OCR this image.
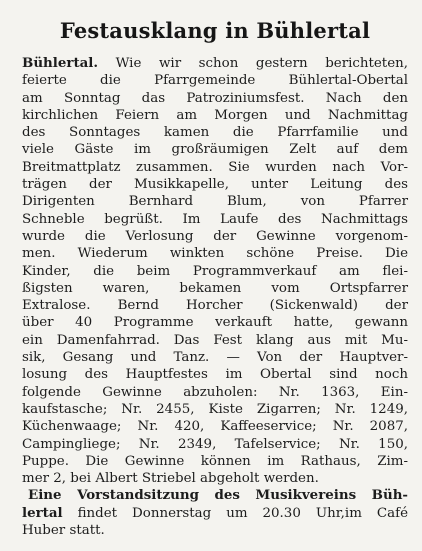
Festausklang in Bühlertal
Bühlertal. Wie wir schon gestern berichteten,
feierte die Pfarrgemeinde Bühlertal-Obertal
am Sonntag das Patroziniumsfest. Nach den
kirchlichen Feiern am Morgen und Nachmittag
des Sonntages kamen die Pfarrfamilie und
viele Gäste im großräumigen Zelt auf dem
Breitmattplatz zusammen. Sie wurden nach Vor-
trägen der Musikkapelle, unter Leitung des
Dirigenten Bernhard Blum, von Pfarrer
Schneble begrüßt. Im Laufe des Nachmittags
wurde die Verlosung der Gewinne vorgenom-
men. Wiederum winkten schöne Preise. Die
Kinder, die beim Programmverkauf am flei-
ßigsten waren, bekamen vom Ortspfarrer
Extralose. Bernd Horcher (Sickenwald) der
über 40 Programme verkauft hatte, gewann
ein Damenfahrrad. Das Fest klang aus mit Mu-
sik, Gesang und Tanz. — Von der Hauptver-
losung des Hauptfestes im Obertal sind noch
folgende Gewinne abzuholen: Nr. 1363, Ein-
kaufstasche; Nr. 2455, Kiste Zigarren; Nr. 1249,
Küchenwaage; Nr. 420, Kaffeeservice; Nr. 2087,
Campingliege; Nr. 2349, Tafelservice; Nr. 150,
Puppe. Die Gewinne können im Rathaus, Zim-
mer 2, bei Albert Striebel abgeholt werden.
Eine Vorstandsitzung des Musikvereins Büh-
lertal findet Donnerstag um 20.30 Uhr,im Café
Huber statt.
